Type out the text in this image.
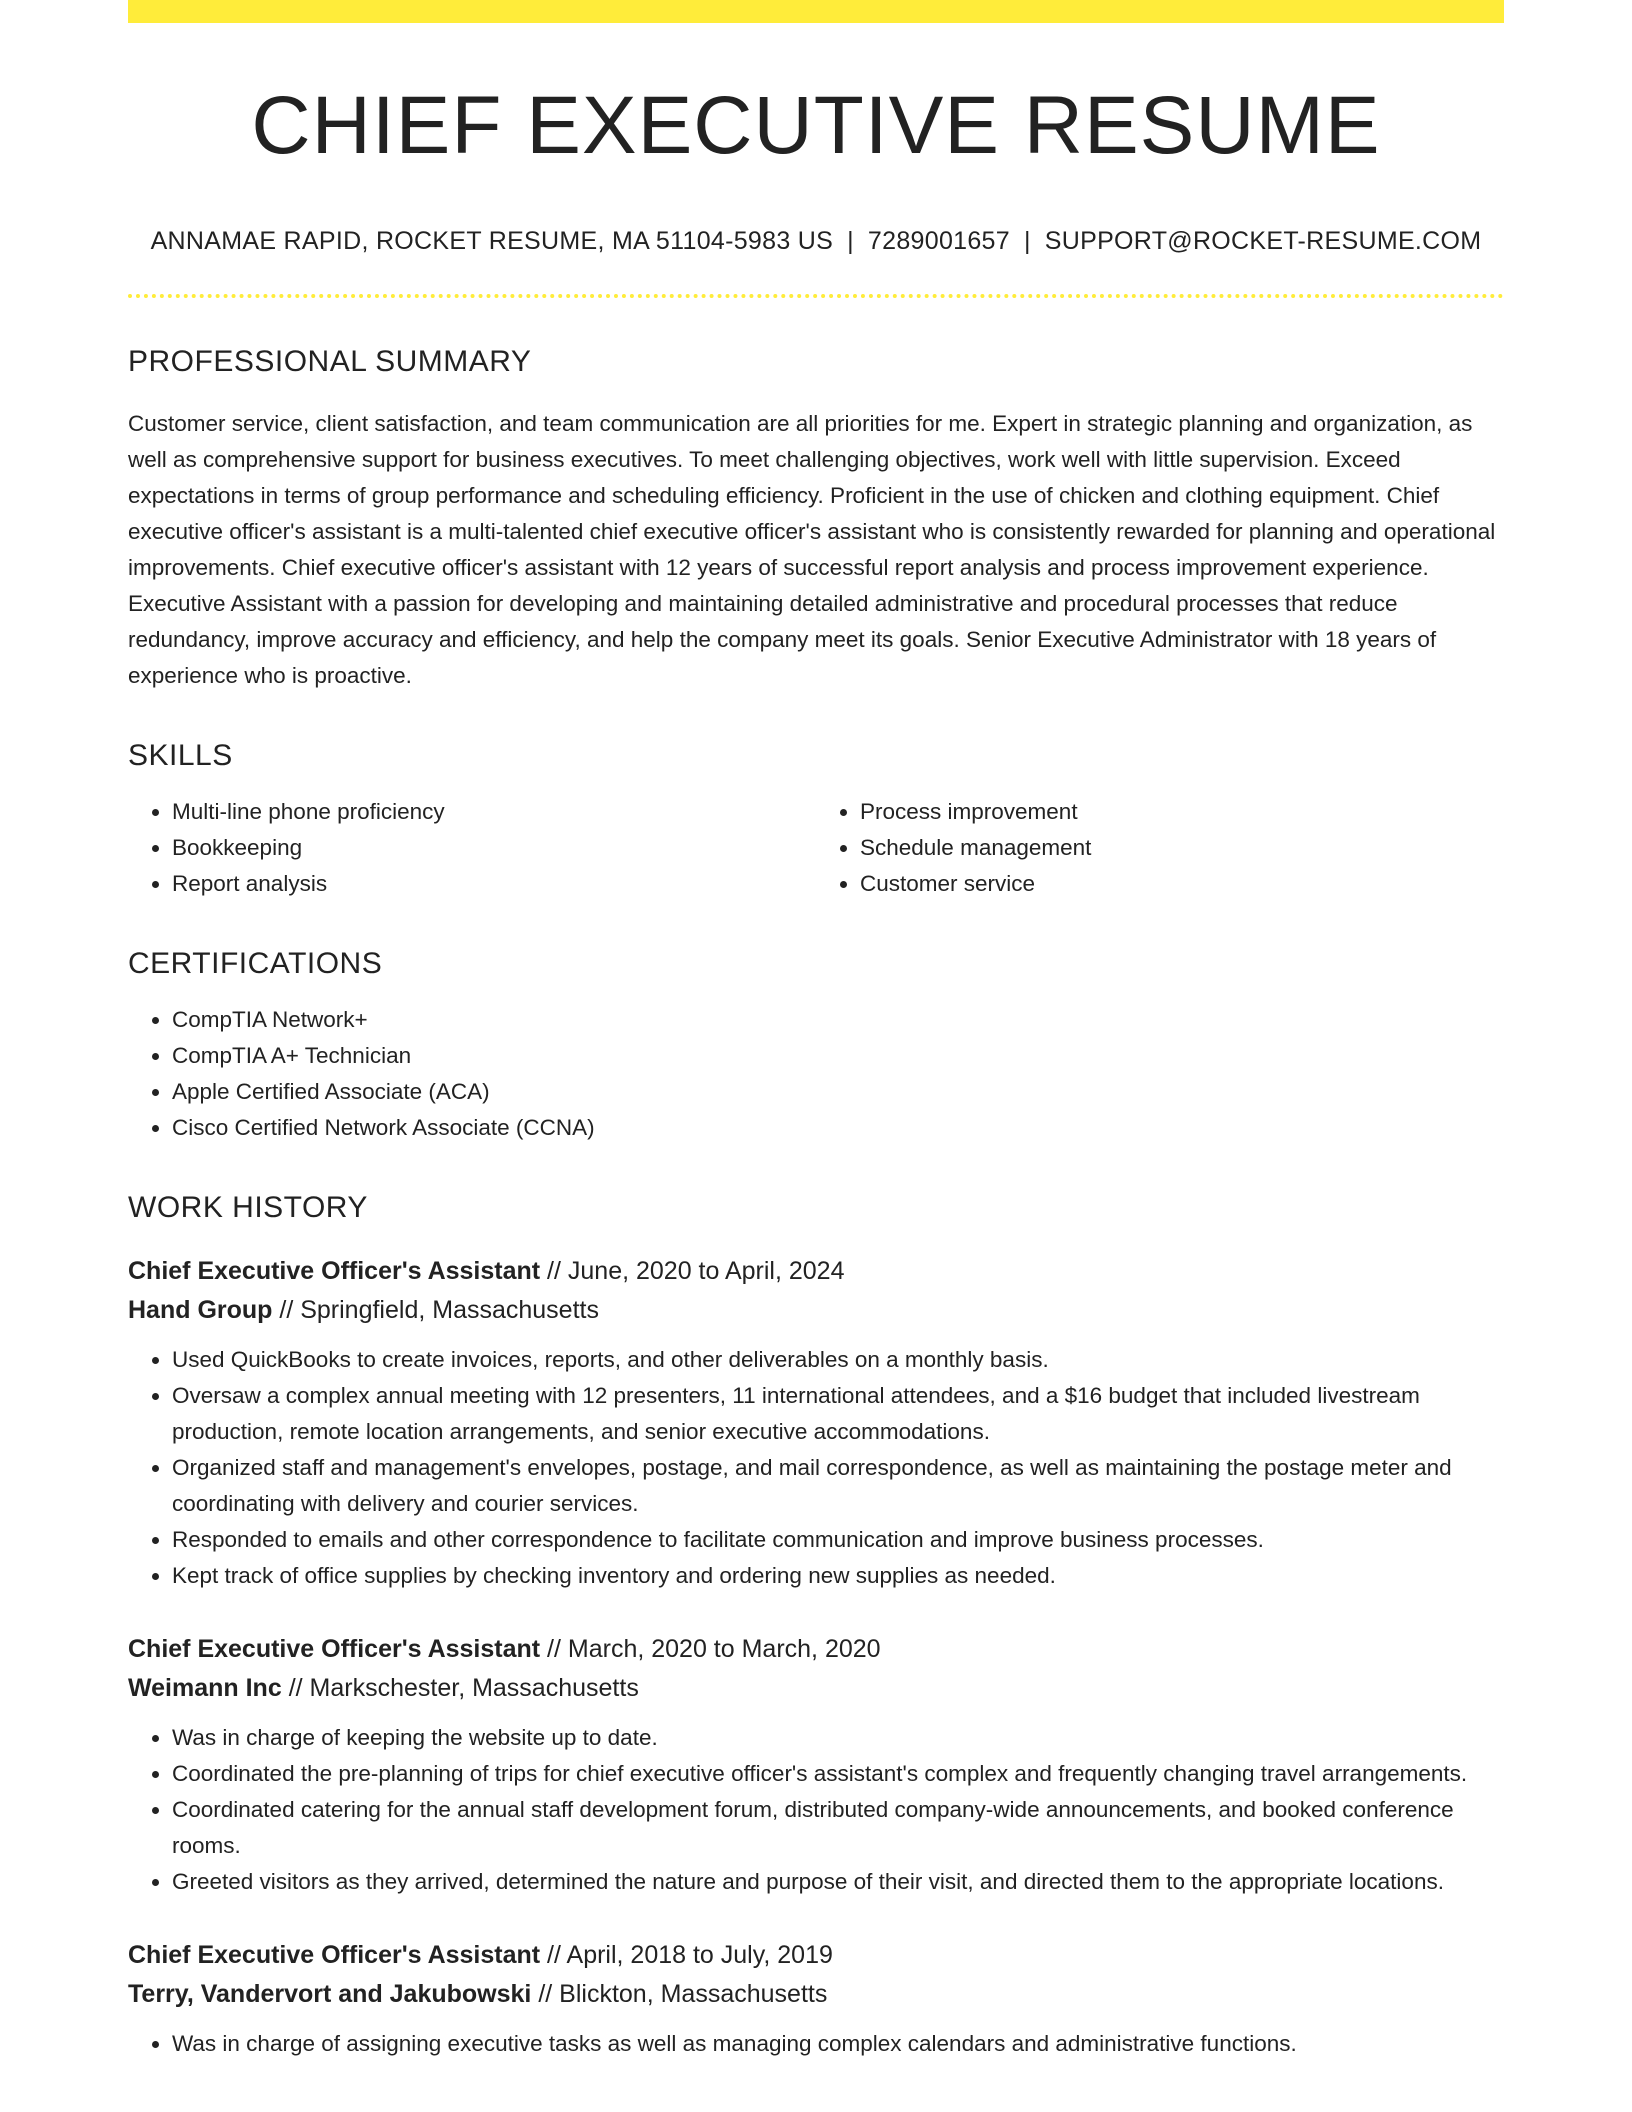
CHIEF EXECUTIVE RESUME
ANNAMAE RAPID, ROCKET RESUME, MA 51104-5983 US | 7289001657 | SUPPORT@ROCKET-RESUME.COM
PROFESSIONAL SUMMARY

Customer service, client satisfaction, and team communication are all priorities for me. Expert in strategic planning and organization, as well as comprehensive support for business executives. To meet challenging objectives, work well with little supervision. Exceed expectations in terms of group performance and scheduling efficiency. Proficient in the use of chicken and clothing equipment. Chief executive officer's assistant is a multi-talented chief executive officer's assistant who is consistently rewarded for planning and operational improvements. Chief executive officer's assistant with 12 years of successful report analysis and process improvement experience. Executive Assistant with a passion for developing and maintaining detailed administrative and procedural processes that reduce redundancy, improve accuracy and efficiency, and help the company meet its goals. Senior Executive Administrator with 18 years of experience who is proactive.

SKILLS
• Multi-line phone proficiency
• Bookkeeping
• Report analysis
• Process improvement
• Schedule management
• Customer service
CERTIFICATIONS
• CompTIA Network+
• CompTIA A+ Technician
• Apple Certified Associate (ACA)
• Cisco Certified Network Associate (CCNA)
WORK HISTORY
Chief Executive Officer's Assistant // June, 2020 to April, 2024
Hand Group // Springfield, Massachusetts
• Used QuickBooks to create invoices, reports, and other deliverables on a monthly basis.
• Oversaw a complex annual meeting with 12 presenters, 11 international attendees, and a $16 budget that included livestream production, remote location arrangements, and senior executive accommodations.
• Organized staff and management's envelopes, postage, and mail correspondence, as well as maintaining the postage meter and coordinating with delivery and courier services.
• Responded to emails and other correspondence to facilitate communication and improve business processes.
• Kept track of office supplies by checking inventory and ordering new supplies as needed.
Chief Executive Officer's Assistant // March, 2020 to March, 2020
Weimann Inc // Markschester, Massachusetts
• Was in charge of keeping the website up to date.
• Coordinated the pre-planning of trips for chief executive officer's assistant's complex and frequently changing travel arrangements.
• Coordinated catering for the annual staff development forum, distributed company-wide announcements, and booked conference rooms.
• Greeted visitors as they arrived, determined the nature and purpose of their visit, and directed them to the appropriate locations.
Chief Executive Officer's Assistant // April, 2018 to July, 2019
Terry, Vandervort and Jakubowski // Blickton, Massachusetts
• Was in charge of assigning executive tasks as well as managing complex calendars and administrative functions.
